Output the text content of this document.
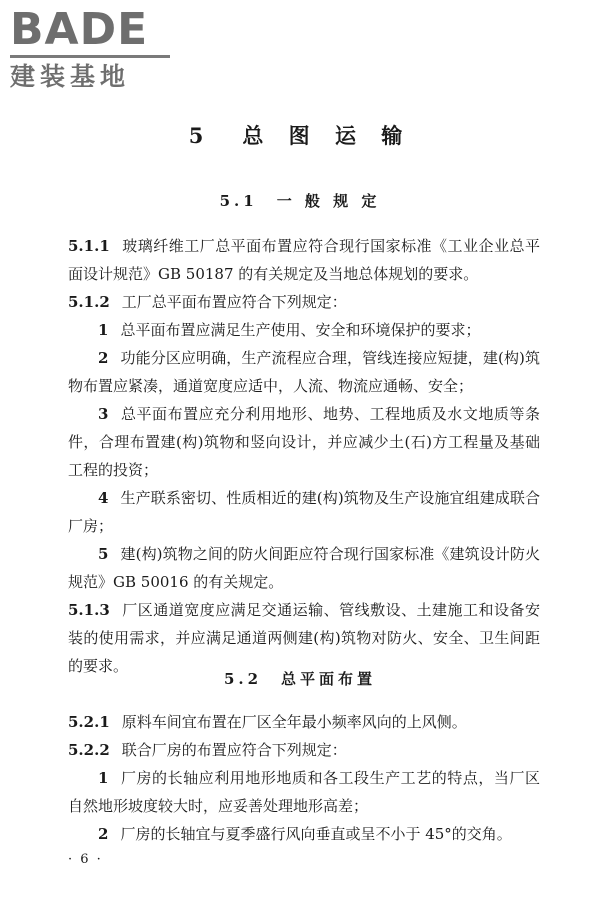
BADE
建装基地
5　总 图 运 输
5.1　一 般 规 定
5.1.1 玻璃纤维工厂总平面布置应符合现行国家标准《工业企业总平面设计规范》GB 50187 的有关规定及当地总体规划的要求。
5.1.2 工厂总平面布置应符合下列规定：
1 总平面布置应满足生产使用、安全和环境保护的要求；
2 功能分区应明确，生产流程应合理，管线连接应短捷，建(构)筑物布置应紧凑，通道宽度应适中，人流、物流应通畅、安全；
3 总平面布置应充分利用地形、地势、工程地质及水文地质等条件，合理布置建(构)筑物和竖向设计，并应减少土(石)方工程量及基础工程的投资；
4 生产联系密切、性质相近的建(构)筑物及生产设施宜组建成联合厂房；
5 建(构)筑物之间的防火间距应符合现行国家标准《建筑设计防火规范》GB 50016 的有关规定。
5.1.3 厂区通道宽度应满足交通运输、管线敷设、土建施工和设备安装的使用需求，并应满足通道两侧建(构)筑物对防火、安全、卫生间距的要求。
5.2　总平面布置
5.2.1 原料车间宜布置在厂区全年最小频率风向的上风侧。
5.2.2 联合厂房的布置应符合下列规定：
1 厂房的长轴应利用地形地质和各工段生产工艺的特点，当厂区自然地形坡度较大时，应妥善处理地形高差；
2 厂房的长轴宜与夏季盛行风向垂直或呈不小于 45°的交角。
· 6 ·
